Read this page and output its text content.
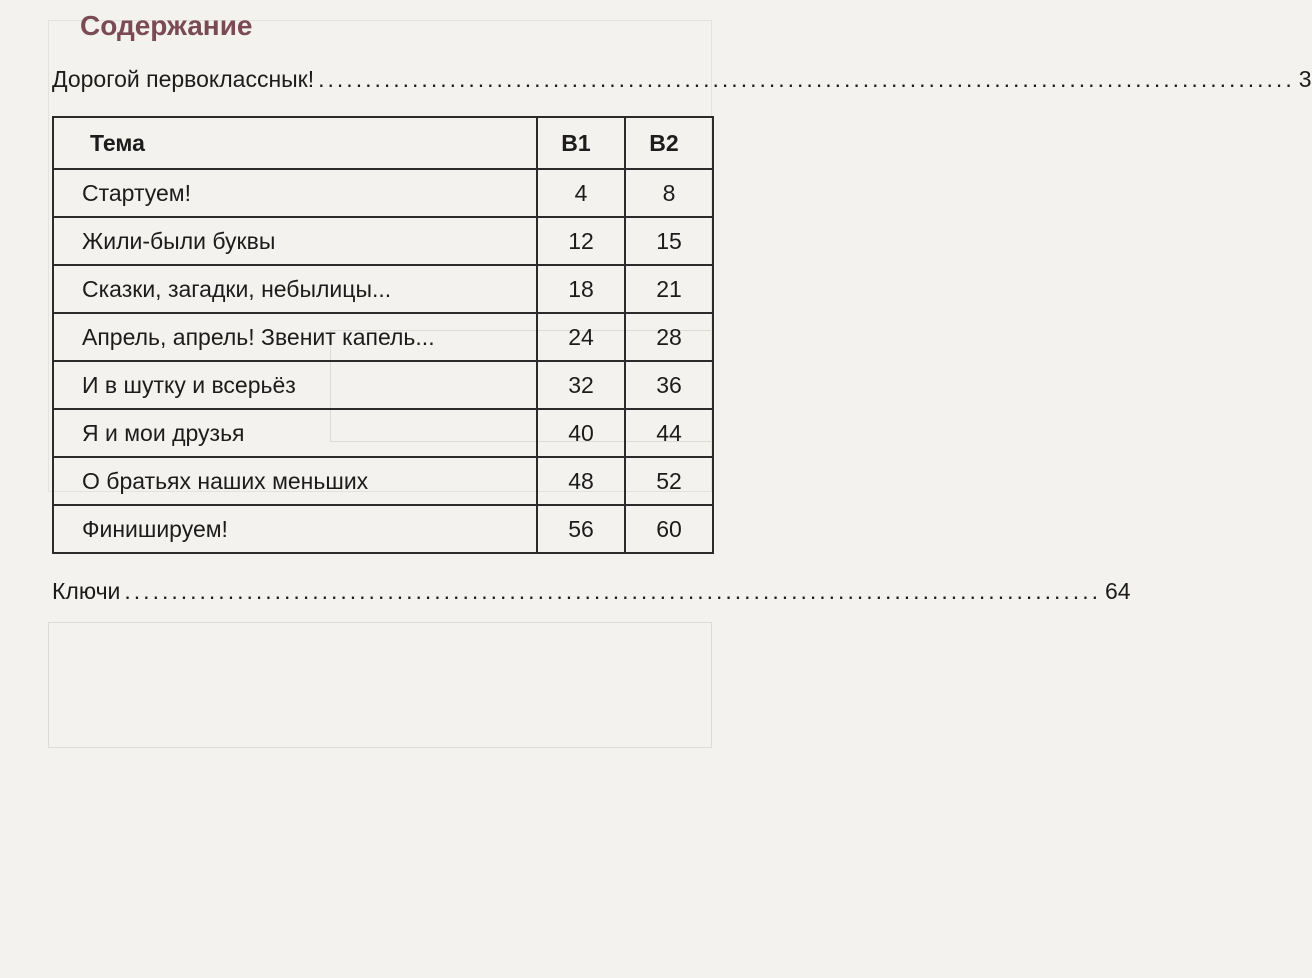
Содержание
Дорогой первокласснык! ........................................................................................................ 3
Тема	В1	В2
Стартуем!	4	8
Жили-были буквы	12	15
Сказки, загадки, небылицы...	18	21
Апрель, апрель! Звенит капель...	24	28
И в шутку и всерьёз	32	36
Я и мои друзья	40	44
О братьях наших меньших	48	52
Финишируем!	56	60
Ключи ........................................................................................................ 64
